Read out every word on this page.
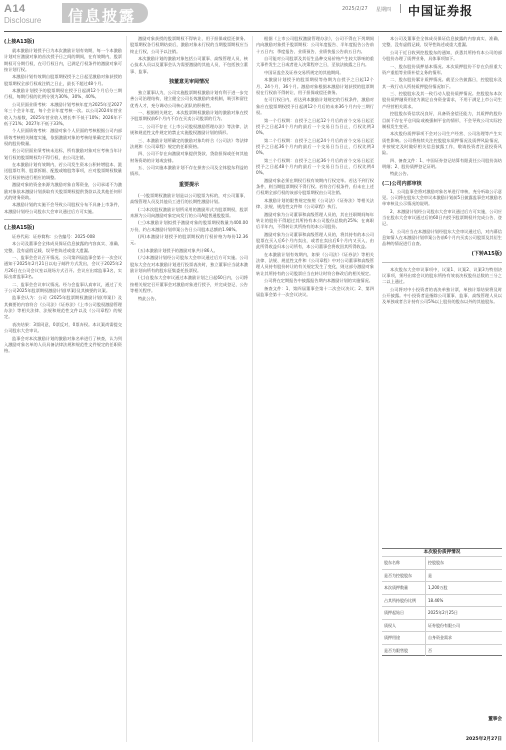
A14
Disclosure 信息披露	2025/2/27 星期四 中国证券报
(上接A13版)

就本激励计划授予日为本次激励计划有效期，每一个本激励计划对应激励对象的首次授予日之间的期间，在有效期内，股票期权可分期行权，在可行权日内，已满足行权条件的激励对象可按计划行权。

本激励计划有效期自股票期权授予之日起至激励对象获授的股票期权全部行权或注销之日止，最长不超过48个月。

本激励计划授予的股票期权在授予日起满12个月后分三期行权，每期行权的比例分别为30%、30%、40%。

公司层面业绩考核：本激励计划考核年度为2025年至2027年三个会计年度，每个会计年度考核一次。以公司2024年营业收入为基数，2025年营业收入增长率不低于10%；2026年不低于21%；2027年不低于33%。

个人层面绩效考核：激励对象个人层面的考核根据公司内部绩效考核相关制度实施，依据激励对象的考核结果确定其实际行权的股份数量。

若公司层面业绩考核未达标，所有激励对象对应考核当年计划行权的股票期权均不得行权，由公司注销。

在本激励计划有效期内，若公司发生资本公积转增股本、派送股票红利、股票拆细、配股或缩股等事项，应对股票期权数量及行权价格进行相应的调整。

激励对象的资金来源为激励对象自筹资金，公司承诺不为激励对象依本激励计划获取有关股票期权提供贷款以及其他任何形式的财务资助。

本激励计划的实施不会导致公司股权分布不具备上市条件，本激励计划经公司股东大会审议通过后方可实施。

(上接A15版)

证券代码：证券简称：公告编号：2025-008

本公司及董事会全体成员保证信息披露的内容真实、准确、完整，没有虚假记载、误导性陈述或重大遗漏。

一、监事会会议召开情况。公司第四届监事会第十一次会议通知于2025年2月21日以电子邮件方式发出，会议于2025年2月26日在公司会议室以现场方式召开。会议应出席监事3名，实际出席监事3名。

二、监事会会议审议情况。经与会监事认真审议，通过了关于公司2025年股票期权激励计划(草案)及其摘要的议案。

监事会认为：公司《2025年股票期权激励计划(草案)》及其摘要的内容符合《公司法》《证券法》《上市公司股权激励管理办法》等相关法律、法规和规范性文件以及《公司章程》的规定。

表决结果：3票同意，0票反对，0票弃权。本议案尚需提交公司股东大会审议。

监事会对本次激励计划的激励对象名单进行了核查，认为列入激励对象名单的人员具备法律法规和规范性文件规定的任职资格。

激励对象获授的股票期权不得转让、用于担保或偿还债务。股票期权各行权期结束后，激励对象未行权的当期股票期权应当终止行权，公司予以注销。

本次激励计划的激励对象包括公司董事、高级管理人员、核心技术人员以及董事会认为需要激励的其他人员，不包括独立董事、监事。

独董意见审阅情况

独立董事认为，公司实施股票期权激励计划有利于进一步完善公司治理结构，建立健全公司长效激励约束机制，吸引和留住优秀人才，充分调动公司核心团队的积极性。

一、根据相关规定，本次股票期权激励计划的激励对象在授予股票期权前6个月内不存在买卖公司股票的行为。

二、公司不存在《上市公司股权激励管理办法》等法律、法规和规范性文件规定的禁止实施股权激励计划的情形。

三、本激励计划所确定的激励对象均符合《公司法》等法律法规和《公司章程》规定的任职资格。

四、公司不存在向激励对象提供贷款、贷款担保或任何其他财务资助的计划或安排。

五、公司实施本激励计划不存在损害公司及全体股东利益的情形。

重要提示

(一)股票期权激励计划是以公司股票为标的，对公司董事、高级管理人员及其他员工进行的长期性激励计划。

(二)本次股权激励计划所采用的激励形式为股票期权，股票来源为公司向激励对象定向发行的公司A股普通股股票。

(三)本激励计划拟授予激励对象的股票期权数量为400.00万份，约占本激励计划草案公告日公司股本总额的1.98%。

(四)本激励计划授予的股票期权的行权价格为每份12.36元。

(五)本激励计划授予的激励对象共计86人。

(六)本激励计划经公司股东大会审议通过后方可实施。公司股东大会在对本激励计划进行投票表决时，独立董事应当就本激励计划向所有的股东征集委托投票权。

(七)自股东大会审议通过本激励计划之日起60日内，公司将按相关规定召开董事会对激励对象进行授予，并完成登记、公告等相关程序。

特此公告。

根据《上市公司股权激励管理办法》，公司不得在下列期间内向激励对象授予股票期权：公司年度报告、半年度报告公告前十五日内；季度报告、业绩预告、业绩快报公告前五日内。

自可能对公司股票及其衍生品种交易价格产生较大影响的重大事件发生之日或者进入决策程序之日，至依法披露之日内。

中国证监会及证券交易所规定的其他期间。

本激励计划授予的股票期权等待期为自授予之日起12个月、24个月、36个月。激励对象根据本激励计划获授的股票期权在行权前不得转让、用于担保或偿还债务。

在可行权日内，若达到本激励计划规定的行权条件，激励对象应在股票期权授予日起满12个月后的未来36个月内分三期行权。

第一个行权期：自授予之日起12个月后的首个交易日起至授予之日起24个月内的最后一个交易日当日止，行权比例30%。

第二个行权期：自授予之日起24个月后的首个交易日起至授予之日起36个月内的最后一个交易日当日止，行权比例30%。

第三个行权期：自授予之日起36个月后的首个交易日起至授予之日起48个月内的最后一个交易日当日止，行权比例40%。

激励对象必须在期权行权有效期内行权完毕。若达不到行权条件，则当期股票期权不得行权。若符合行权条件，但未在上述行权期全部行权的该部分股票期权由公司注销。

本激励计划的限售规定按照《公司法》《证券法》等相关法律、法规、规范性文件和《公司章程》执行。

激励对象为公司董事和高级管理人员的，其在任职期间每年转让的股份不得超过其所持有本公司股份总数的25%；在离职后半年内，不得转让其所持有的本公司股份。

激励对象为公司董事和高级管理人员的，将其持有的本公司股票在买入后6个月内卖出，或者在卖出后6个月内又买入，由此所得收益归本公司所有，本公司董事会将收回其所得收益。

在本激励计划有效期内，如果《公司法》《证券法》等相关法律、法规、规范性文件和《公司章程》中对公司董事和高级管理人员持有股份转让的有关规定发生了变化，则这部分激励对象转让其所持有的公司股票应当在转让时符合修改后的相关规定。

公司将在定期报告中披露报告期内本激励计划的实施情况。

备查文件：1、第四届董事会第十二次会议决议；2、第四届监事会第十一次会议决议。

本公司及董事会全体成员保证信息披露的内容真实、准确、完整，没有虚假记载、误导性陈述或重大遗漏。

公司于近日收到控股股东的通知，获悉其所持有本公司的部分股份办理了质押业务，具体事项如下。

一、股东股份质押基本情况。本次质押股份不存在负担重大资产重组等业绩补偿义务的情形。

二、股东股份累计质押情况。截至公告披露日，控股股东及其一致行动人所持质押股份情况如下。

三、控股股东及其一致行动人股份质押情况。控股股东本次股份质押融资用途为满足自身资金需求，不用于满足上市公司生产经营相关需求。

控股股东资信状况良好，具备资金偿还能力，其质押的股份目前不存在平仓风险或被强制平仓的情形，不会导致公司实际控制权发生变更。

本次股份质押事项不会对公司生产经营、公司治理等产生实质性影响。公司将持续关注控股股东质押情况及质押风险情况，并按规定及时做好相关信息披露工作，敬请投资者注意投资风险。

四、备查文件：1、中国证券登记结算有限责任公司股份冻结明细；2、股份质押登记证明。

特此公告。

(二)公司内部审核

1、公司监事会将对激励对象名单进行审核，充分听取公示意见。公司将在股东大会审议本激励计划前5日披露监事会对激励名单审核及公示情况的说明。

2、本激励计划经公司股东大会审议通过后方可实施，公司应当在股东大会审议通过后的60日内授予股票期权并完成公告、登记。

3、公司应当在本激励计划经股东大会审议通过后，对内幕信息知情人在本激励计划草案公告前6个月内买卖公司股票及其衍生品种的情况进行自查。

(下转A15版)

本次股东大会审议事项中，议案1、议案2、议案3为特别决议事项，须经出席会议的股东所持有效表决权股份总数的三分之二以上通过。

公司将对中小投资者的表决单独计票，单独计票结果将及时公开披露。中小投资者是指除公司董事、监事、高级管理人员以及单独或者合计持有公司5%以上股份的股东以外的其他股东。

本次股份质押情况
股东名称	控股股东
是否为控股股东	是
本次质押数量	1,200万股
占其所持股份比例	18.46%
质押起始日	2025年2月25日
质权人	证券股份有限公司
质押用途	自身资金需求
是否为限售股	否
董事会
2025年2月27日
